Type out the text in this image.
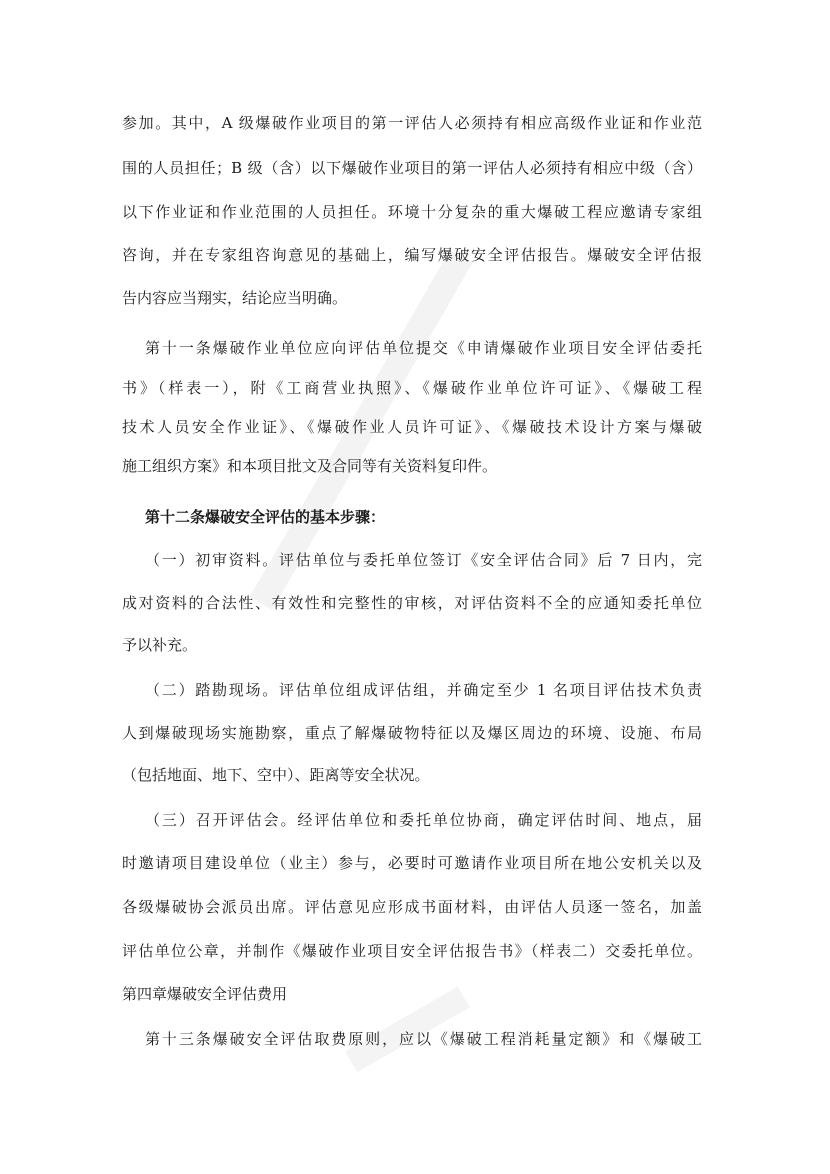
参加。其中，A 级爆破作业项目的第一评估人必须持有相应高级作业证和作业范
围的人员担任；B 级（含）以下爆破作业项目的第一评估人必须持有相应中级（含）
以下作业证和作业范围的人员担任。环境十分复杂的重大爆破工程应邀请专家组
咨询，并在专家组咨询意见的基础上，编写爆破安全评估报告。爆破安全评估报
告内容应当翔实，结论应当明确。
第十一条爆破作业单位应向评估单位提交《申请爆破作业项目安全评估委托
书》（样表一），附《工商营业执照》、《爆破作业单位许可证》、《爆破工程
技术人员安全作业证》、《爆破作业人员许可证》、《爆破技术设计方案与爆破
施工组织方案》和本项目批文及合同等有关资料复印件。
第十二条爆破安全评估的基本步骤：
（一）初审资料。评估单位与委托单位签订《安全评估合同》后 7 日内，完
成对资料的合法性、有效性和完整性的审核，对评估资料不全的应通知委托单位
予以补充。
（二）踏勘现场。评估单位组成评估组，并确定至少 1 名项目评估技术负责
人到爆破现场实施勘察，重点了解爆破物特征以及爆区周边的环境、设施、布局
（包括地面、地下、空中）、距离等安全状况。
（三）召开评估会。经评估单位和委托单位协商，确定评估时间、地点，届
时邀请项目建设单位（业主）参与，必要时可邀请作业项目所在地公安机关以及
各级爆破协会派员出席。评估意见应形成书面材料，由评估人员逐一签名，加盖
评估单位公章，并制作《爆破作业项目安全评估报告书》（样表二）交委托单位。
第四章爆破安全评估费用
第十三条爆破安全评估取费原则，应以《爆破工程消耗量定额》和《爆破工
